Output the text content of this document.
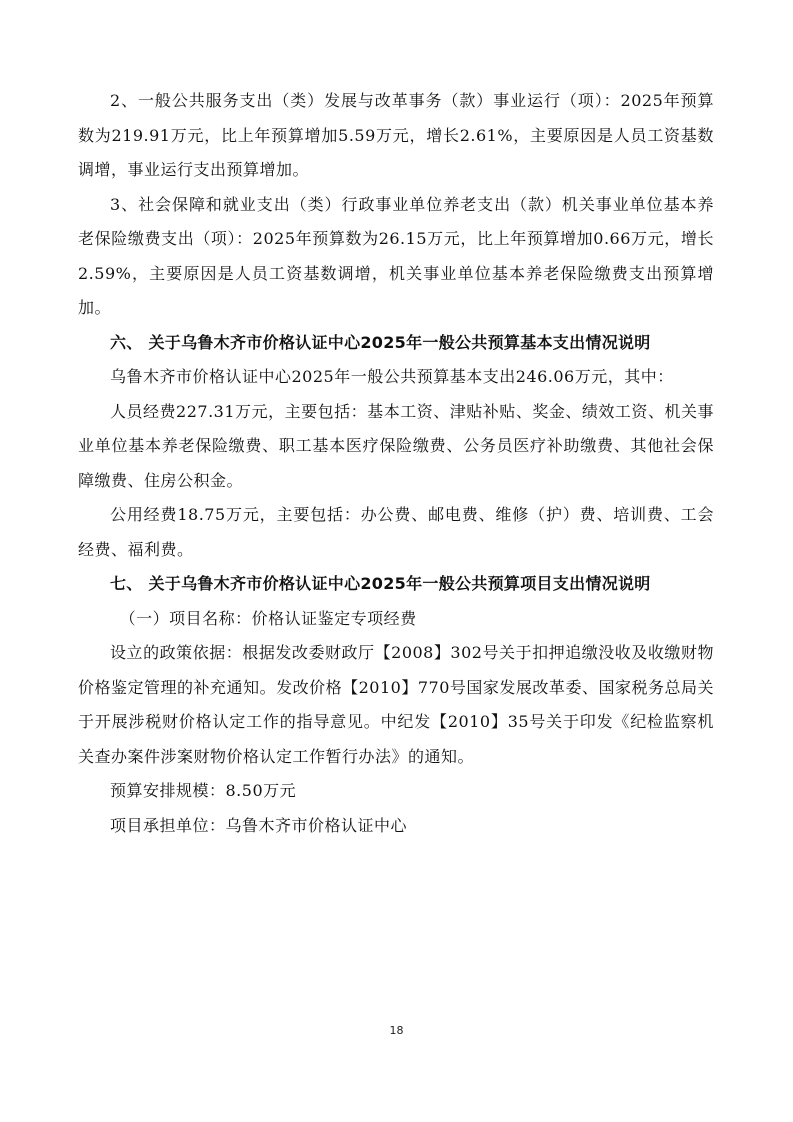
2、一般公共服务支出（类）发展与改革事务（款）事业运行（项）：2025年预算数为219.91万元，比上年预算增加5.59万元，增长2.61%，主要原因是人员工资基数调增，事业运行支出预算增加。

3、社会保障和就业支出（类）行政事业单位养老支出（款）机关事业单位基本养老保险缴费支出（项）：2025年预算数为26.15万元，比上年预算增加0.66万元，增长2.59%，主要原因是人员工资基数调增，机关事业单位基本养老保险缴费支出预算增加。

六、 关于乌鲁木齐市价格认证中心2025年一般公共预算基本支出情况说明

乌鲁木齐市价格认证中心2025年一般公共预算基本支出246.06万元，其中：

人员经费227.31万元，主要包括：基本工资、津贴补贴、奖金、绩效工资、机关事业单位基本养老保险缴费、职工基本医疗保险缴费、公务员医疗补助缴费、其他社会保障缴费、住房公积金。

公用经费18.75万元，主要包括：办公费、邮电费、维修（护）费、培训费、工会经费、福利费。

七、 关于乌鲁木齐市价格认证中心2025年一般公共预算项目支出情况说明

（一）项目名称：价格认证鉴定专项经费

设立的政策依据：根据发改委财政厅【2008】302号关于扣押追缴没收及收缴财物价格鉴定管理的补充通知。发改价格【2010】770号国家发展改革委、国家税务总局关于开展涉税财价格认定工作的指导意见。中纪发【2010】35号关于印发《纪检监察机关查办案件涉案财物价格认定工作暂行办法》的通知。

预算安排规模：8.50万元

项目承担单位：乌鲁木齐市价格认证中心

18
